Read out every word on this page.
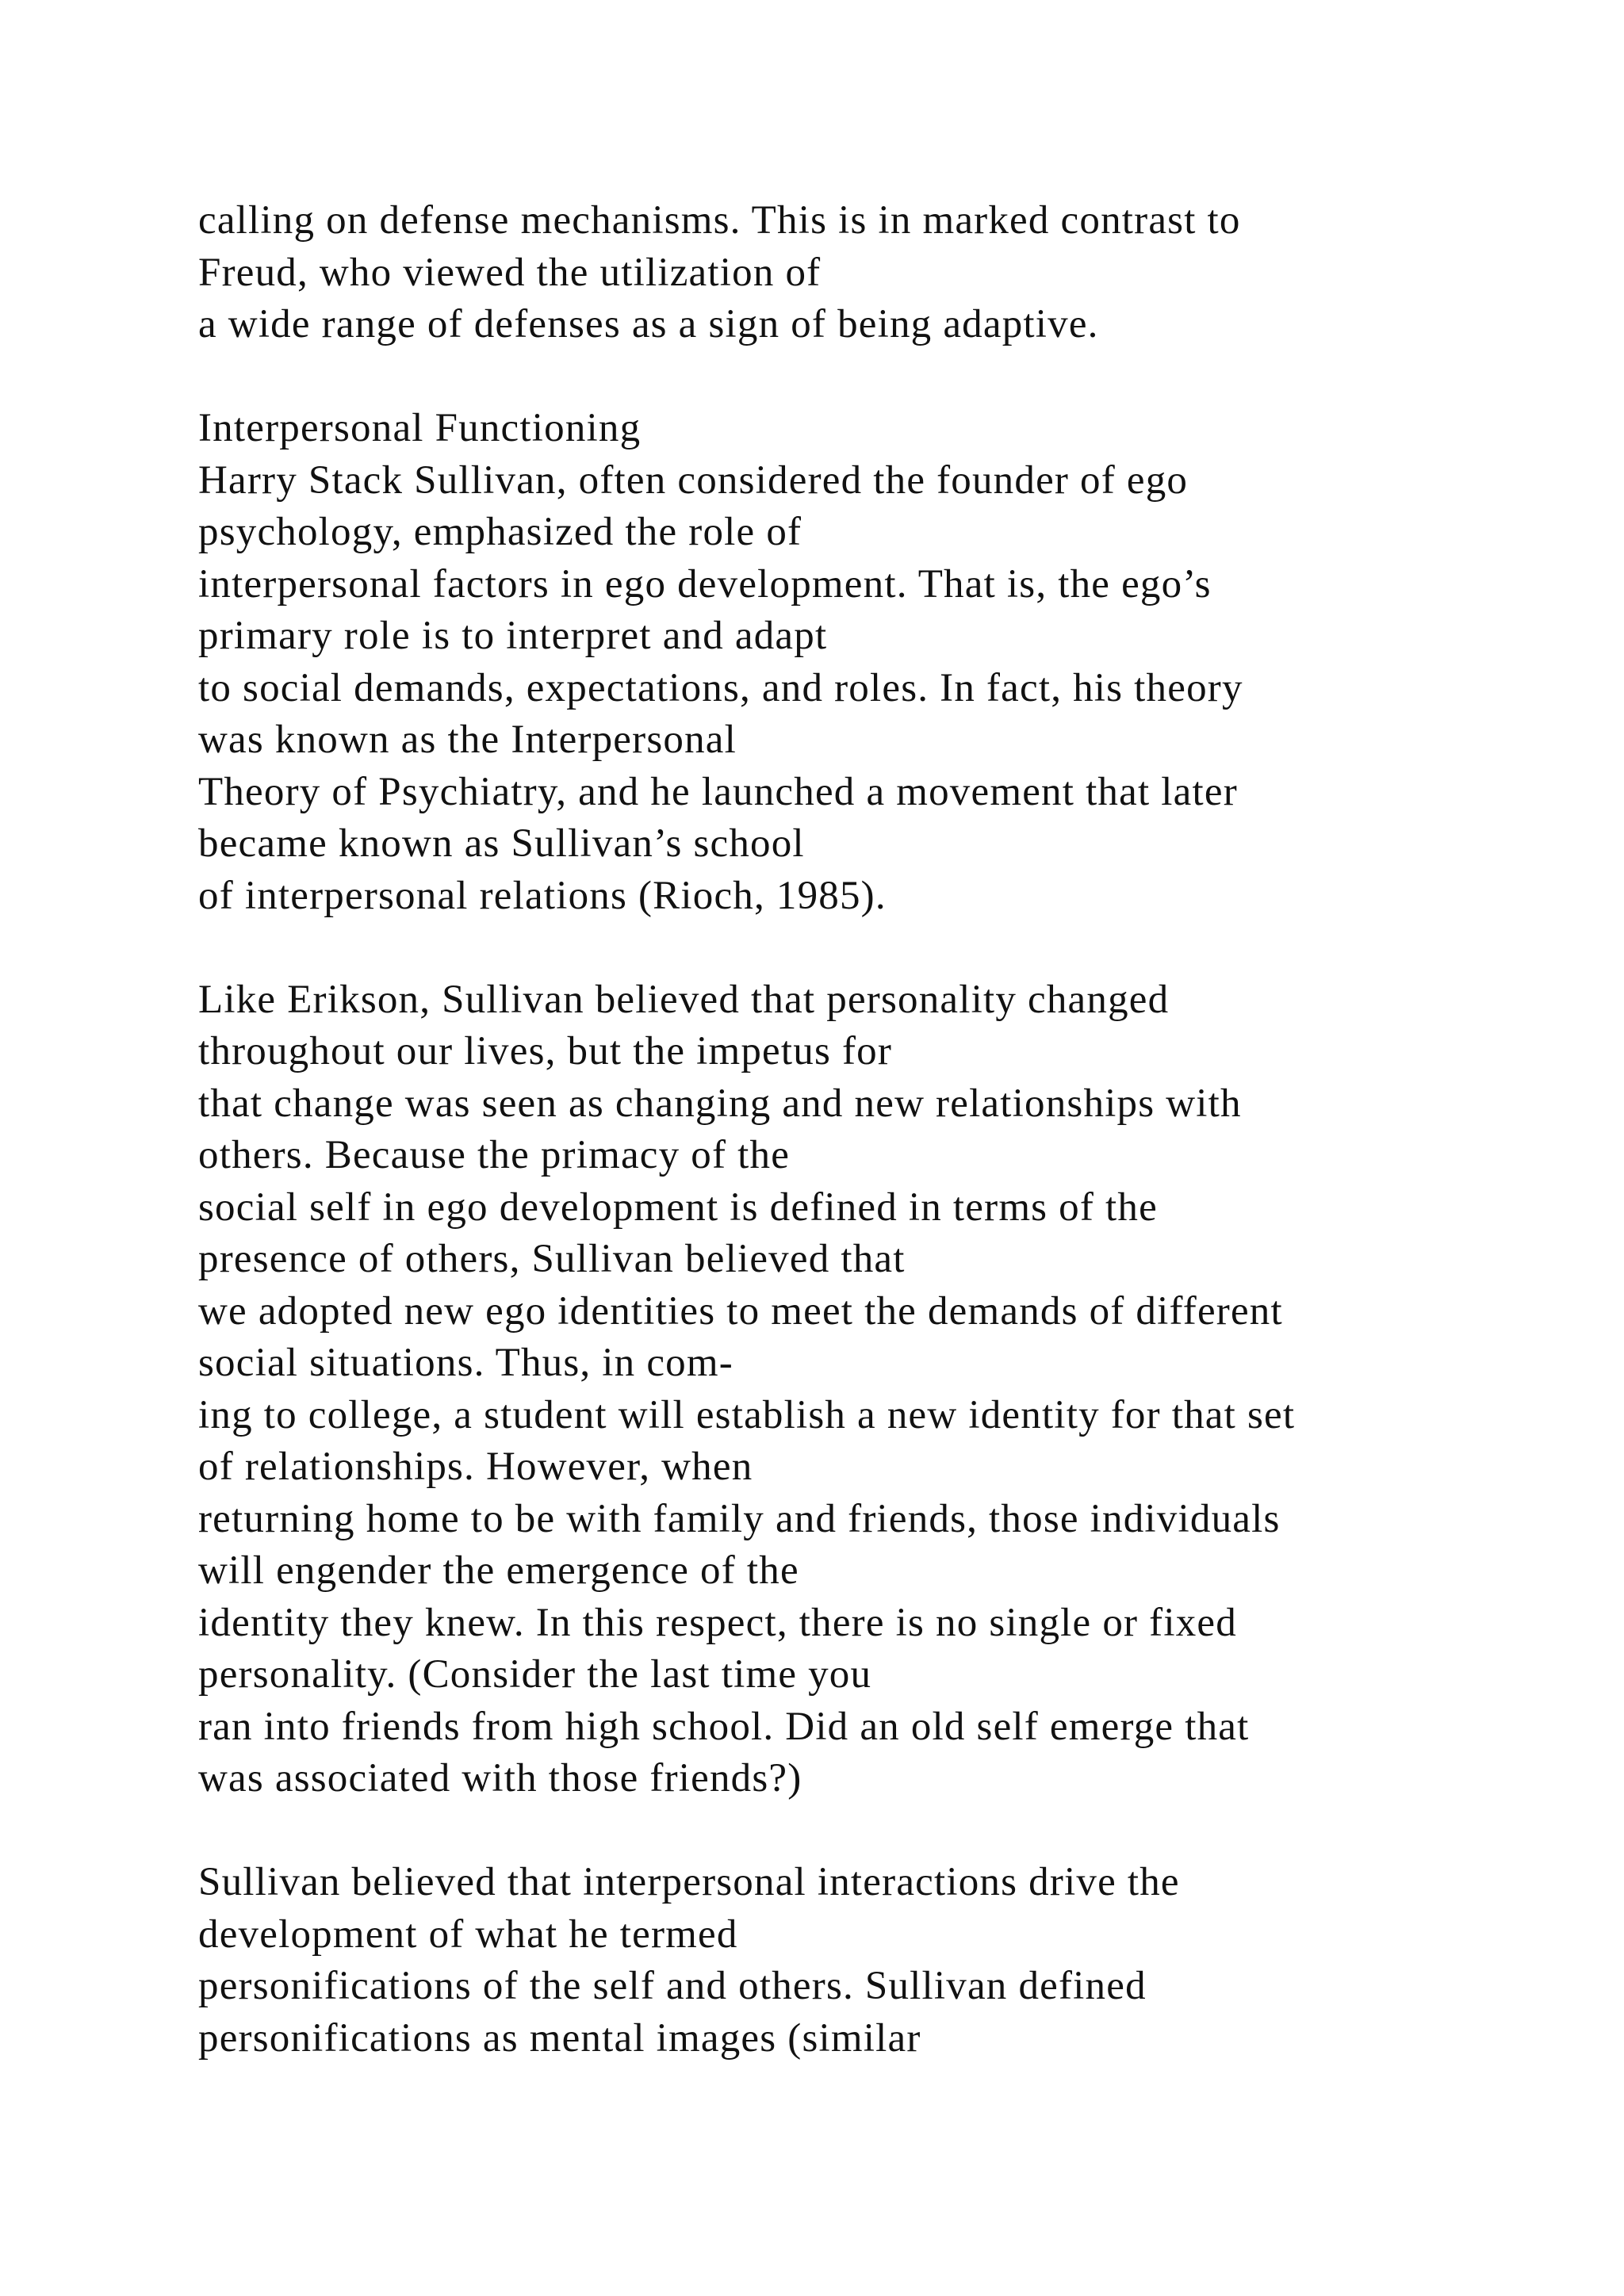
calling on defense mechanisms. This is in marked contrast to
Freud, who viewed the utilization of
a wide range of defenses as a sign of being adaptive.
Interpersonal Functioning
Harry Stack Sullivan, often considered the founder of ego
psychology, emphasized the role of
interpersonal factors in ego development. That is, the ego’s
primary role is to interpret and adapt
to social demands, expectations, and roles. In fact, his theory
was known as the Interpersonal
Theory of Psychiatry, and he launched a movement that later
became known as Sullivan’s school
of interpersonal relations (Rioch, 1985).
Like Erikson, Sullivan believed that personality changed
throughout our lives, but the impetus for
that change was seen as changing and new relationships with
others. Because the primacy of the
social self in ego development is defined in terms of the
presence of others, Sullivan believed that
we adopted new ego identities to meet the demands of different
social situations. Thus, in com-
ing to college, a student will establish a new identity for that set
of relationships. However, when
returning home to be with family and friends, those individuals
will engender the emergence of the
identity they knew. In this respect, there is no single or fixed
personality. (Consider the last time you
ran into friends from high school. Did an old self emerge that
was associated with those friends?)
Sullivan believed that interpersonal interactions drive the
development of what he termed
personifications of the self and others. Sullivan defined
personifications as mental images (similar
